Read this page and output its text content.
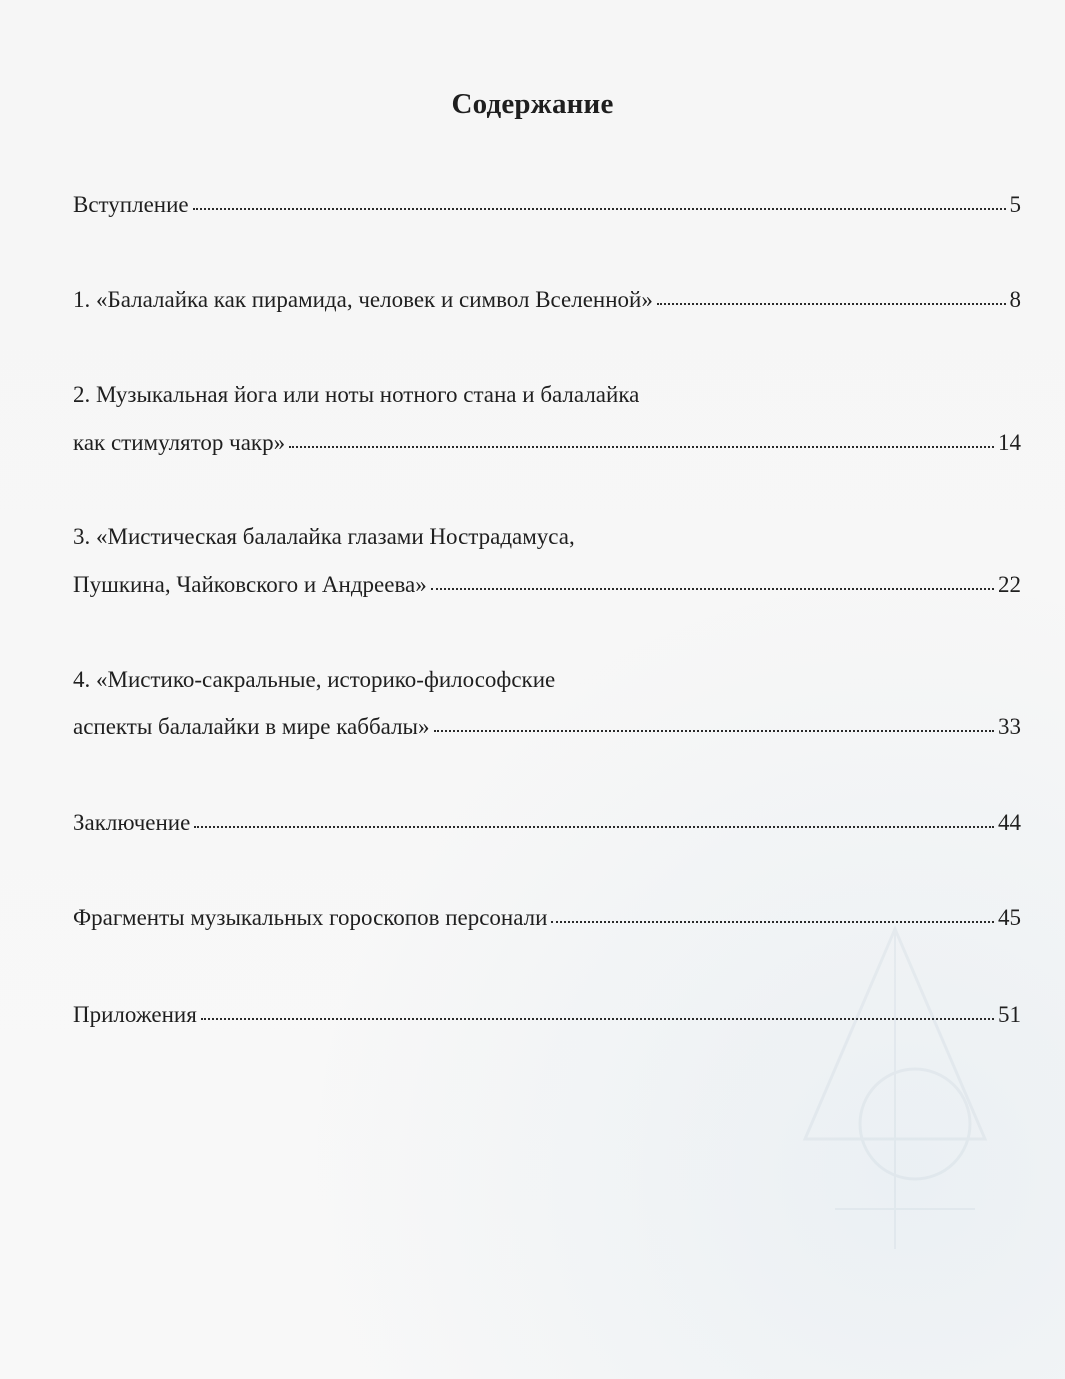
Содержание
Вступление	5
1. «Балалайка как пирамида, человек и символ Вселенной»	8
2. Музыкальная йога или ноты нотного стана и балалайка
как стимулятор чакр»	14
3. «Мистическая балалайка глазами Нострадамуса,
Пушкина, Чайковского и Андреева»	22
4. «Мистико-сакральные, историко-философские
аспекты балалайки в мире каббалы»	33
Заключение	44
Фрагменты музыкальных гороскопов персонали	45
Приложения	51
